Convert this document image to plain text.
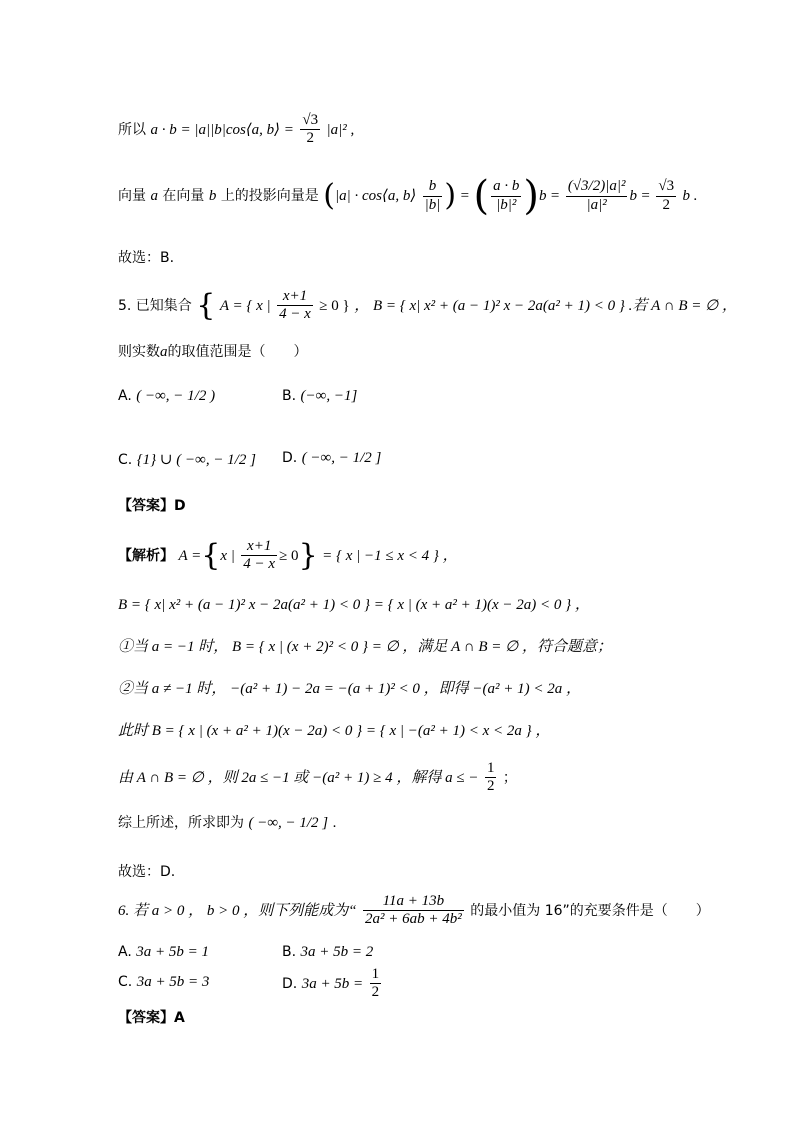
所以 a · b = |a||b|cos⟨a, b⟩ = $\frac{√3}{2} |a|^2$ ,
向量 a 在向量 b 上的投影向量是 (|a| · cos⟨a, b⟩ $\frac{b}{|b|}$ ) = ( $\frac{a \cdot b}{\text{|b|²}} )b = \frac{\text{(√3/2)|a|²}}{\text{|a|²}}$ $b = \frac{√3}{2}$ b .
故选：B.
5. 已知集合 { A = { x | $\frac{x+1}{4 - x} \ge 0$ } ， B = { x| x² + (a − 1)² x − 2a(a² + 1) < 0 } .若 A ∩ B = ∅ ，
则实数a的取值范围是（　　）
A. ( −∞, − 1/2 )	B. (−∞, −1]
C. {1} ∪ ( −∞, − 1/2 ] D. ( −∞, − 1/2 ]
【答案】D
【解析】 A ={x | $\frac{x+1}{4 - x} \ge 0$} = { x | −1 ≤ x < 4 } ，
B = { x| x² + (a − 1)² x − 2a(a² + 1) < 0 } = { x | (x + a² + 1)(x − 2a) < 0 } ，
①当 a = −1 时， B = { x | (x + 2)² < 0 } = ∅ ，满足 A ∩ B = ∅ ，符合题意；
②当 a ≠ −1 时， −(a² + 1) − 2a = −(a + 1)² < 0 ，即得 −(a² + 1) < 2a ，
此时 B = { x | (x + a² + 1)(x − 2a) < 0 } = { x | −(a² + 1) < x < 2a } ，
由 A ∩ B = ∅ ，则 2a ≤ −1 或 −(a² + 1) ≥ 4 ，解得 a ≤ − $\frac{1}{2}$ ；
综上所述，所求即为 ( −∞, − 1/2 ] .
故选：D.
6. 若 a > 0 ， b > 0 ，则下列能成为“ $\frac{11a + 13b}{\text{2a² + 6ab + 4b²}}$ 的最小值为 16”的充要条件是（　　）
A. 3a + 5b = 1	B. 3a + 5b = 2
C. 3a + 5b = 3	D. $3a + 5b = \frac{1}{2}$
【答案】A
